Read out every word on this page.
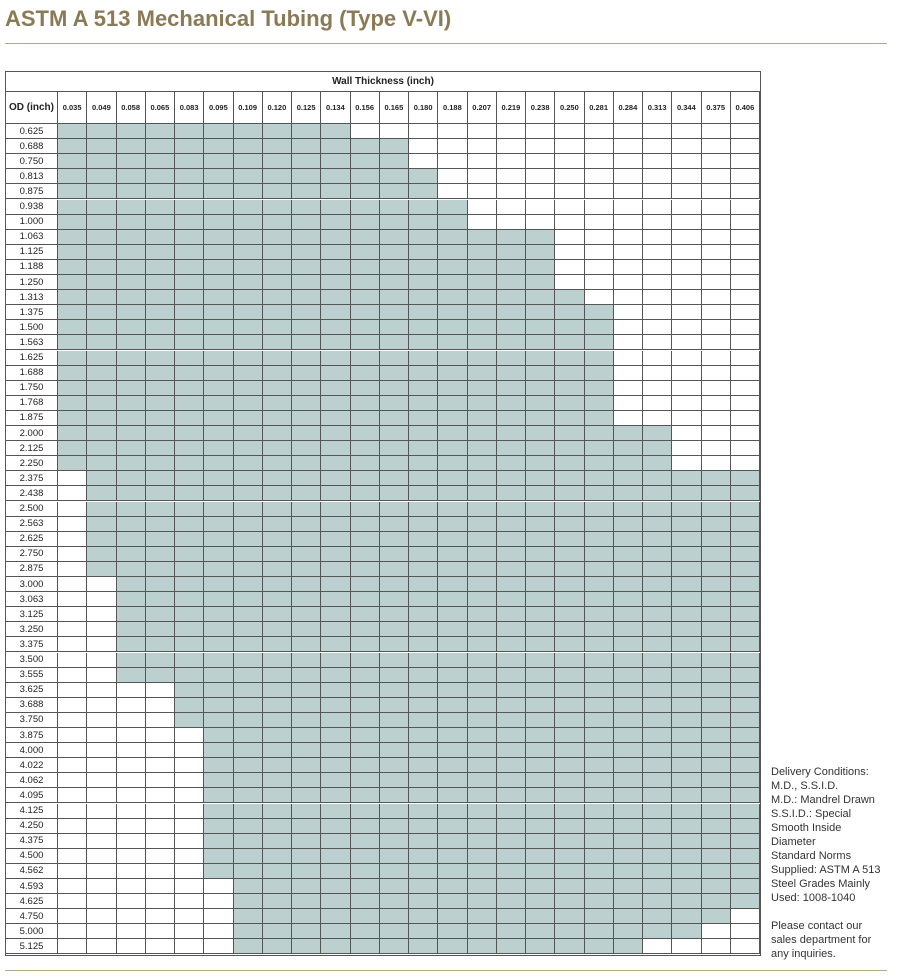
ASTM A 513 Mechanical Tubing (Type V-VI)
Wall Thickness (inch)
OD (inch)	0.035	0.049	0.058	0.065	0.083	0.095	0.109	0.120	0.125	0.134	0.156	0.165	0.180	0.188	0.207	0.219	0.238	0.250	0.281	0.284	0.313	0.344	0.375	0.406
0.625
0.688
0.750
0.813
0.875
0.938
1.000
1.063
1.125
1.188
1.250
1.313
1.375
1.500
1.563
1.625
1.688
1.750
1.768
1.875
2.000
2.125
2.250
2.375
2.438
2.500
2.563
2.625
2.750
2.875
3.000
3.063
3.125
3.250
3.375
3.500
3.555
3.625
3.688
3.750
3.875
4.000
4.022
4.062
4.095
4.125
4.250
4.375
4.500
4.562
4.593
4.625
4.750
5.000
5.125

Delivery Conditions:

M.D., S.S.I.D.

M.D.: Mandrel Drawn

S.S.I.D.: Special

Smooth Inside

Diameter

Standard Norms

Supplied: ASTM A 513

Steel Grades Mainly

Used: 1008-1040

Please contact our

sales department for

any inquiries.
